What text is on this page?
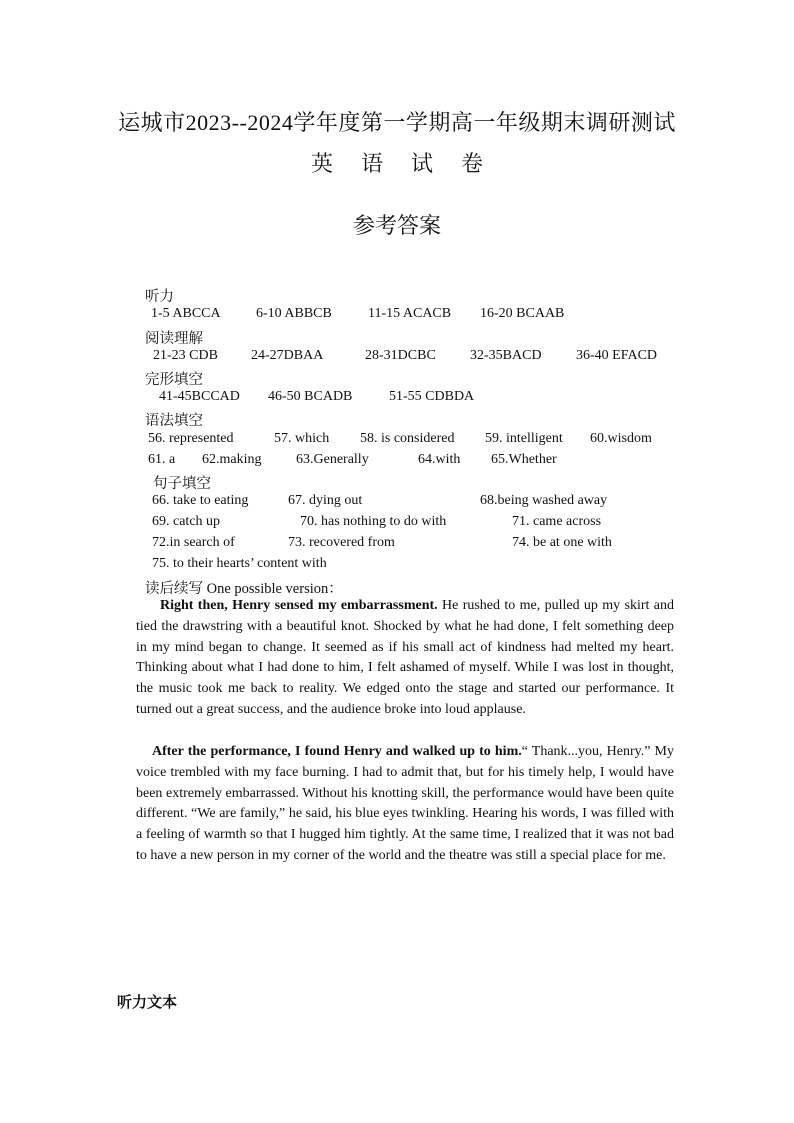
运城市2023--2024学年度第一学期高一年级期末调研测试
英 语 试 卷
参考答案
听力
1-5 ABCCA	6-10 ABBCB	11-15 ACACB 16-20 BCAAB
阅读理解
21-23 CDB 24-27DBAA	28-31DCBC 32-35BACD 36-40 EFACD
完形填空
41-45BCCAD 46-50 BCADB	51-55 CDBDA
语法填空
56. represented	57. which 58. is considered 59. intelligent 60.wisdom
61. a 62.making 63.Generally	64.with 65.Whether
句子填空
66. take to eating	67. dying out	68.being washed away
69. catch up	70. has nothing to do with	71. came across
72.in search of	73. recovered from	74. be at one with
75. to their hearts’ content with
读后续写 One possible version：
Right then, Henry sensed my embarrassment. He rushed to me, pulled up my skirt and tied the drawstring with a beautiful knot. Shocked by what he had done, I felt something deep in my mind began to change. It seemed as if his small act of kindness had melted my heart. Thinking about what I had done to him, I felt ashamed of myself. While I was lost in thought, the music took me back to reality. We edged onto the stage and started our performance. It turned out a great success, and the audience broke into loud applause.
After the performance, I found Henry and walked up to him.“ Thank...you, Henry.” My voice trembled with my face burning. I had to admit that, but for his timely help, I would have been extremely embarrassed. Without his knotting skill, the performance would have been quite different. “We are family,” he said, his blue eyes twinkling. Hearing his words, I was filled with a feeling of warmth so that I hugged him tightly. At the same time, I realized that it was not bad to have a new person in my corner of the world and the theatre was still a special place for me.
听力文本
